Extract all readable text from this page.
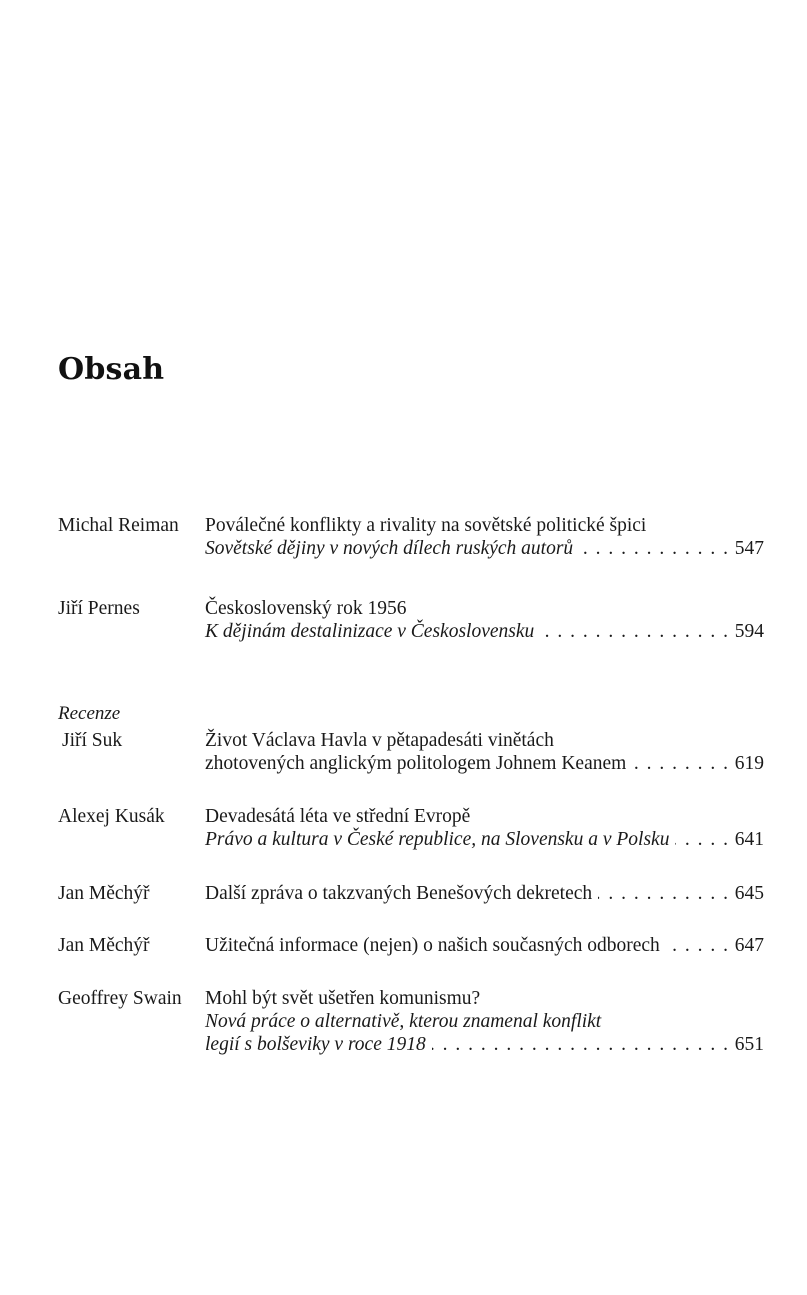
Obsah
Michal Reiman	Poválečné konflikty a rivality na sovětské politické špici
Sovětské dějiny v nových dílech ruských autorů . . .	547
Jiří Pernes	Československý rok 1956
K dějinám destalinizace v Československu . . .	594
Recenze
Jiří Suk	Život Václava Havla v pětapadesáti vinětách
zhotovených anglickým politologem Johnem Keanem . . .	619
Alexej Kusák	Devadesátá léta ve střední Evropě
Právo a kultura v České republice, na Slovensku a v Polsku . . .	641
Jan Měchýř	Další zpráva o takzvaných Benešových dekretech . . .	645
Jan Měchýř	Užitečná informace (nejen) o našich současných odborech . . .	647
Geoffrey Swain	Mohl být svět ušetřen komunismu?
Nová práce o alternativě, kterou znamenal konflikt
legií s bolševiky v roce 1918 . . .	651
